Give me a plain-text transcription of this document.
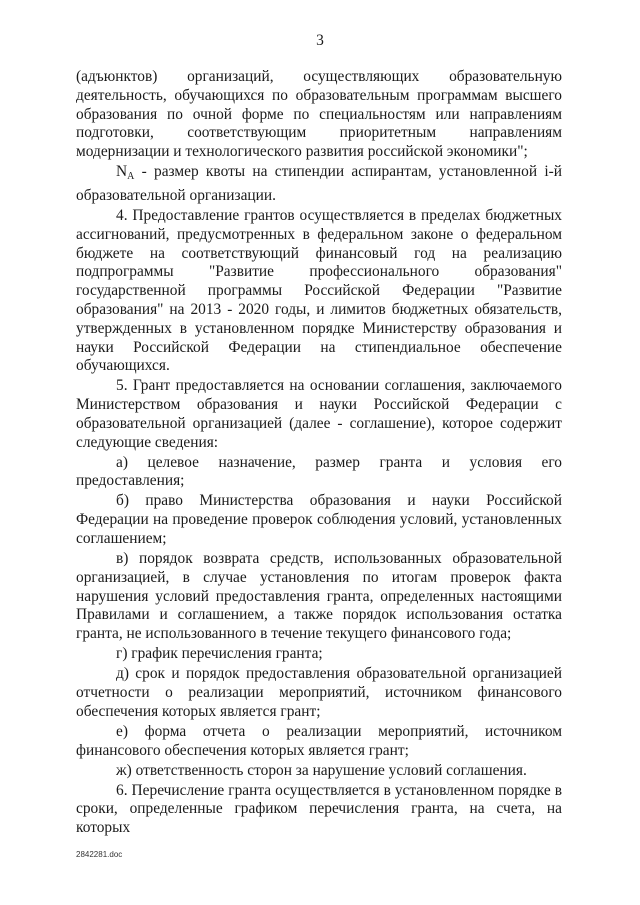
3

(адъюнктов) организаций, осуществляющих образовательную деятельность, обучающихся по образовательным программам высшего образования по очной форме по специальностям или направлениям подготовки, соответствующим приоритетным направлениям модернизации и технологического развития российской экономики";

$N_A$ - размер квоты на стипендии аспирантам, установленной i-й образовательной организации.

4. Предоставление грантов осуществляется в пределах бюджетных ассигнований, предусмотренных в федеральном законе о федеральном бюджете на соответствующий финансовый год на реализацию подпрограммы "Развитие профессионального образования" государственной программы Российской Федерации "Развитие образования" на 2013 - 2020 годы, и лимитов бюджетных обязательств, утвержденных в установленном порядке Министерству образования и науки Российской Федерации на стипендиальное обеспечение обучающихся.

5. Грант предоставляется на основании соглашения, заключаемого Министерством образования и науки Российской Федерации с образовательной организацией (далее - соглашение), которое содержит следующие сведения:

а) целевое назначение, размер гранта и условия его предоставления;

б) право Министерства образования и науки Российской Федерации на проведение проверок соблюдения условий, установленных соглашением;

в) порядок возврата средств, использованных образовательной организацией, в случае установления по итогам проверок факта нарушения условий предоставления гранта, определенных настоящими Правилами и соглашением, а также порядок использования остатка гранта, не использованного в течение текущего финансового года;

г) график перечисления гранта;

д) срок и порядок предоставления образовательной организацией отчетности о реализации мероприятий, источником финансового обеспечения которых является грант;

е) форма отчета о реализации мероприятий, источником финансового обеспечения которых является грант;

ж) ответственность сторон за нарушение условий соглашения.

6. Перечисление гранта осуществляется в установленном порядке в сроки, определенные графиком перечисления гранта, на счета, на которых

2842281.doc
